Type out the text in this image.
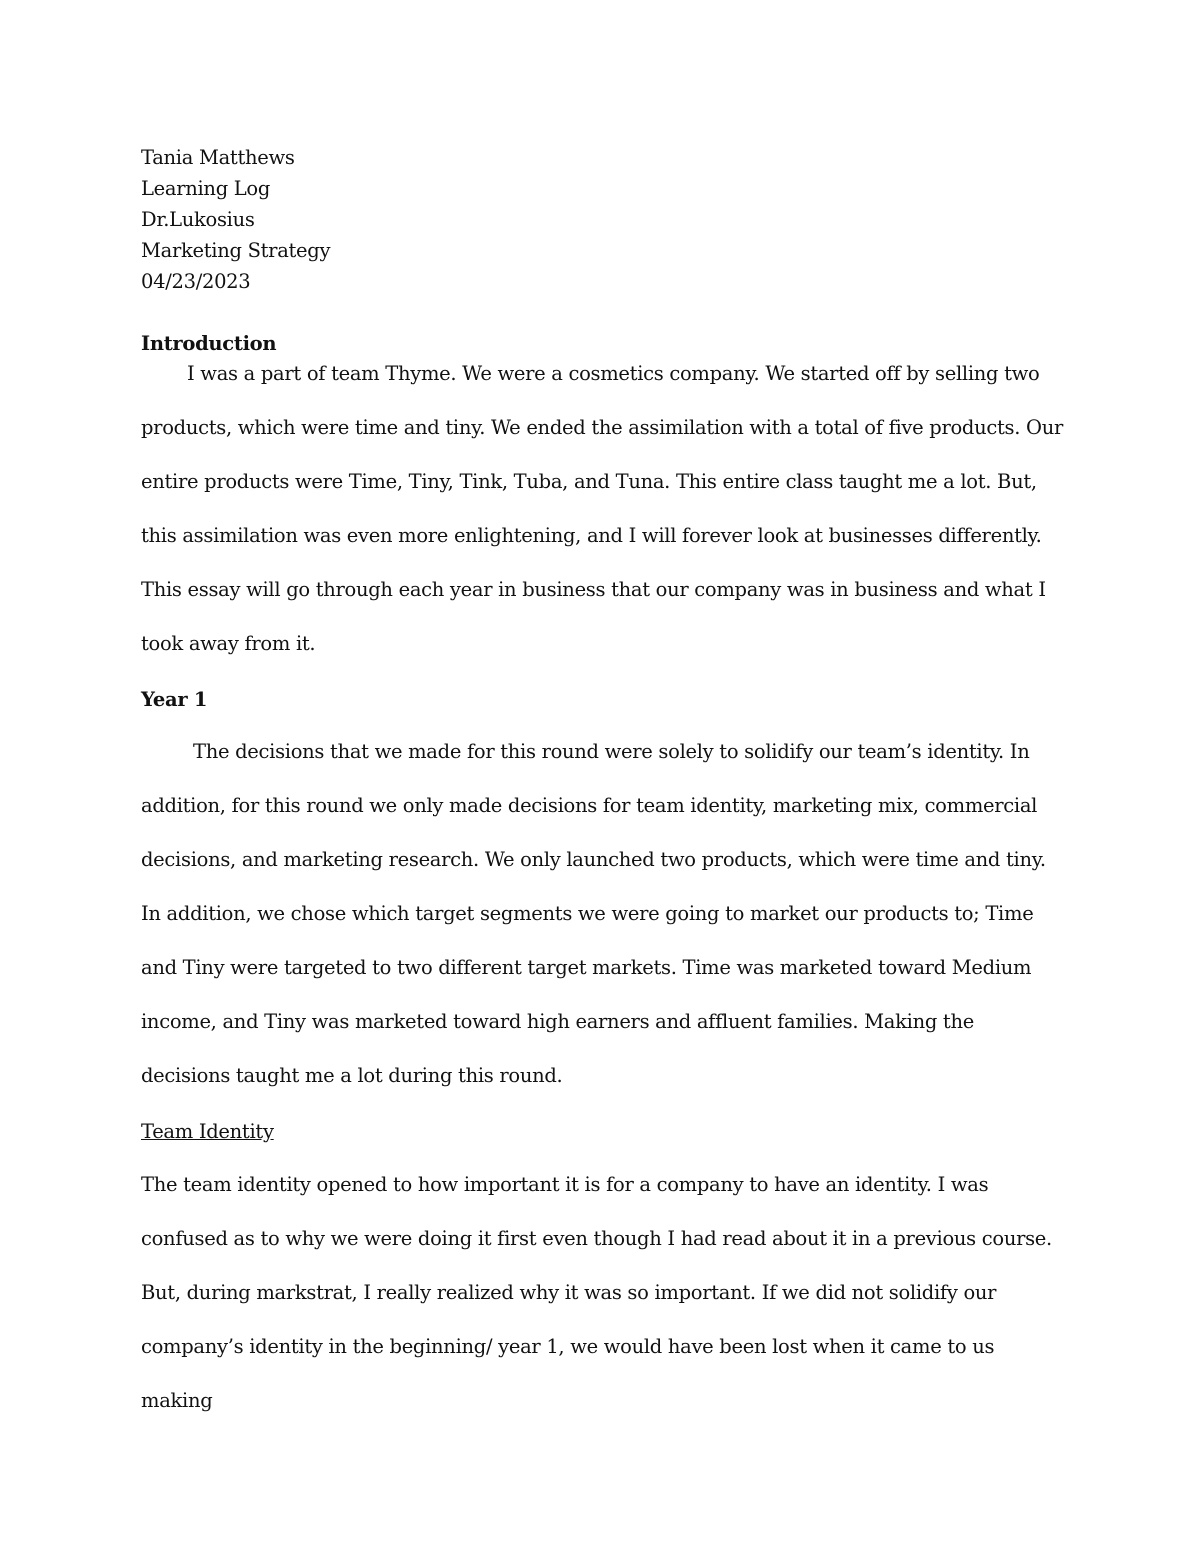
Tania Matthews
Learning Log
Dr.Lukosius
Marketing Strategy
04/23/2023
Introduction

I was a part of team Thyme. We were a cosmetics company. We started off by selling two products, which were time and tiny. We ended the assimilation with a total of five products. Our entire products were Time, Tiny, Tink, Tuba, and Tuna. This entire class taught me a lot. But, this assimilation was even more enlightening, and I will forever look at businesses differently. This essay will go through each year in business that our company was in business and what I took away from it.

Year 1

The decisions that we made for this round were solely to solidify our team’s identity. In addition, for this round we only made decisions for team identity, marketing mix, commercial decisions, and marketing research. We only launched two products, which were time and tiny. In addition, we chose which target segments we were going to market our products to; Time and Tiny were targeted to two different target markets. Time was marketed toward Medium income, and Tiny was marketed toward high earners and affluent families. Making the decisions taught me a lot during this round.

Team Identity

The team identity opened to how important it is for a company to have an identity. I was confused as to why we were doing it first even though I had read about it in a previous course. But, during markstrat, I really realized why it was so important. If we did not solidify our company’s identity in the beginning/ year 1, we would have been lost when it came to us making
